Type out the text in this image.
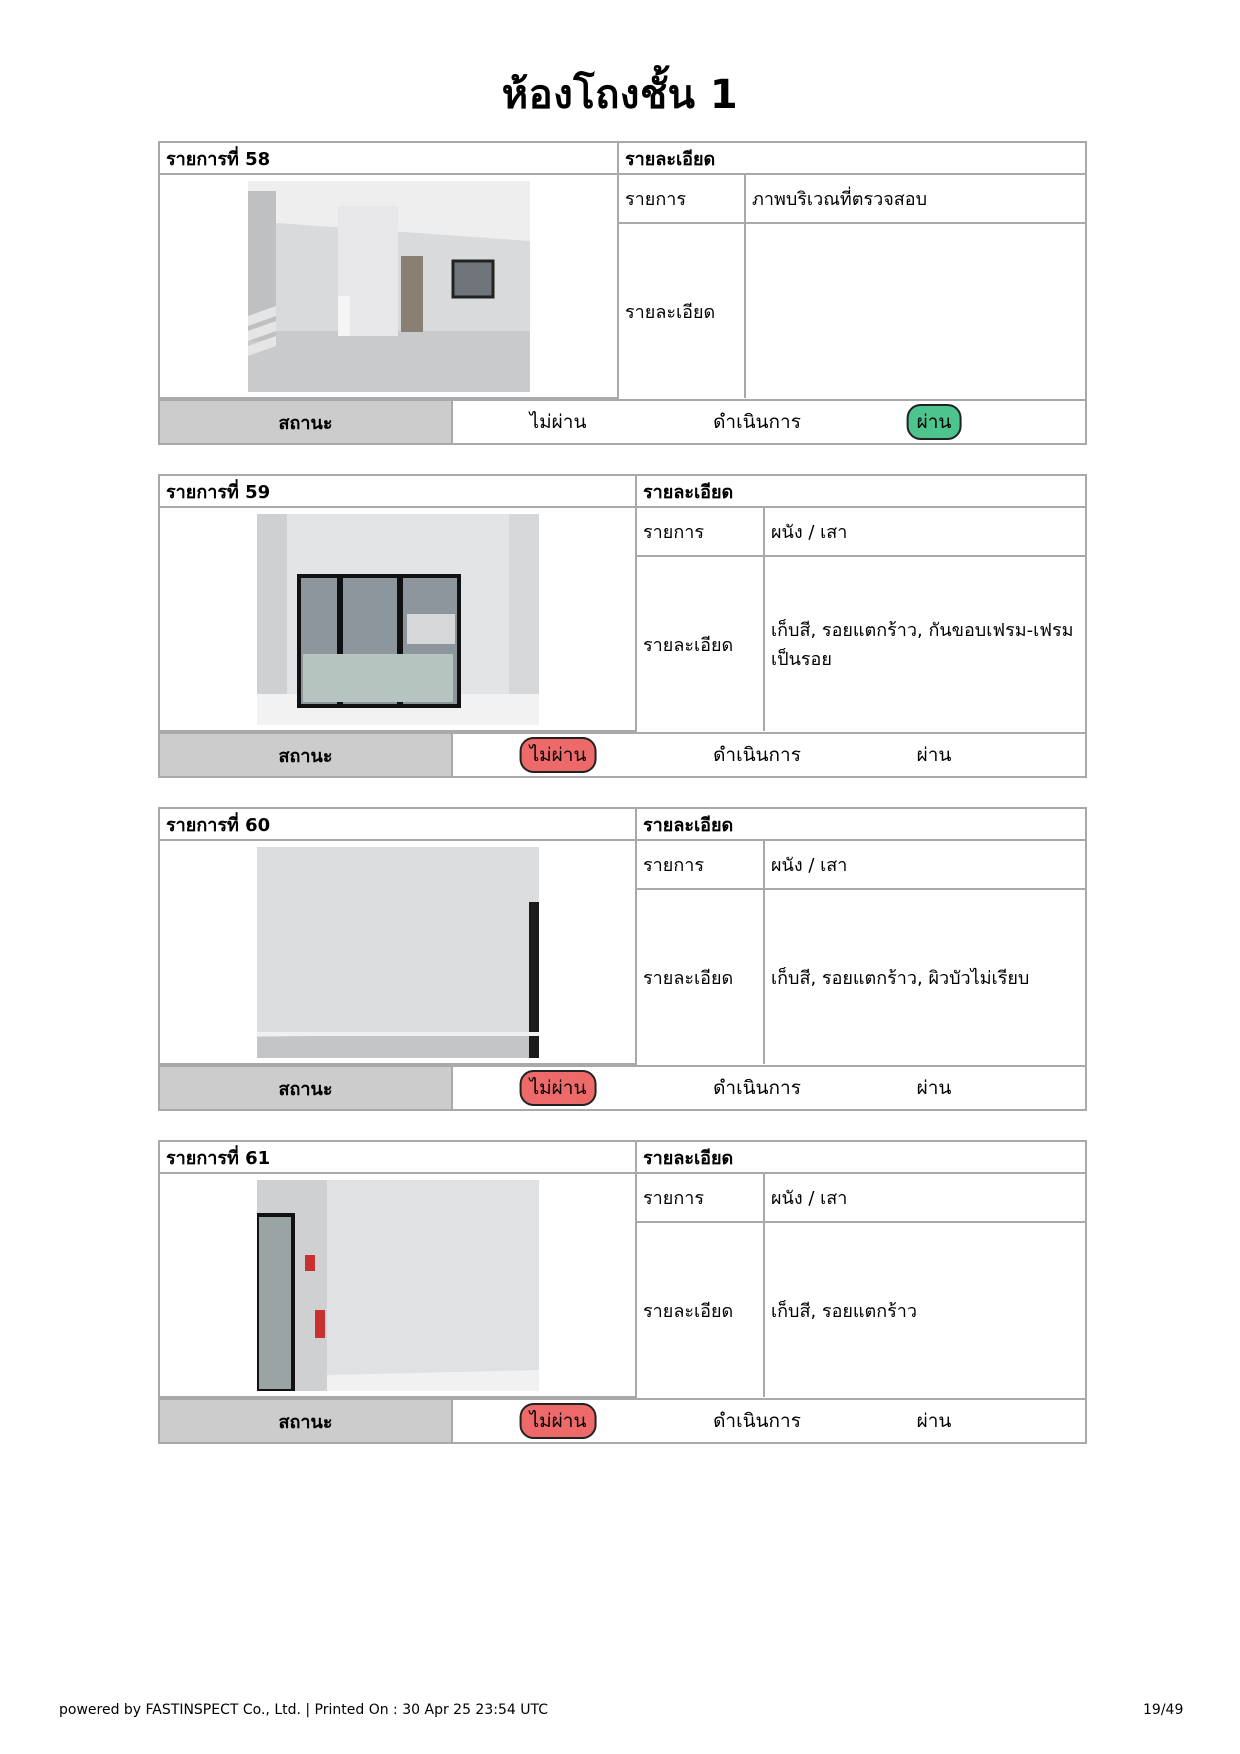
ห้องโถงชั้น 1
รายการที่ 58	รายละเอียด	
	รายการ	ภาพบริเวณที่ตรวจสอบ
	รายละเอียด	
สถานะ	ไม่ผ่าน	ดำเนินการ	ผ่าน
รายการที่ 59	รายละเอียด	
	รายการ	ผนัง / เสา
	รายละเอียด	เก็บสี, รอยแตกร้าว, กันขอบเฟรม-เฟรมเป็นรอย
สถานะ	ไม่ผ่าน	ดำเนินการ	ผ่าน
รายการที่ 60	รายละเอียด	
	รายการ	ผนัง / เสา
	รายละเอียด	เก็บสี, รอยแตกร้าว, ผิวบัวไม่เรียบ
สถานะ	ไม่ผ่าน	ดำเนินการ	ผ่าน
รายการที่ 61	รายละเอียด	
	รายการ	ผนัง / เสา
	รายละเอียด	เก็บสี, รอยแตกร้าว
สถานะ	ไม่ผ่าน	ดำเนินการ	ผ่าน
powered by FASTINSPECT Co., Ltd. | Printed On : 30 Apr 25 23:54 UTC	19/49
